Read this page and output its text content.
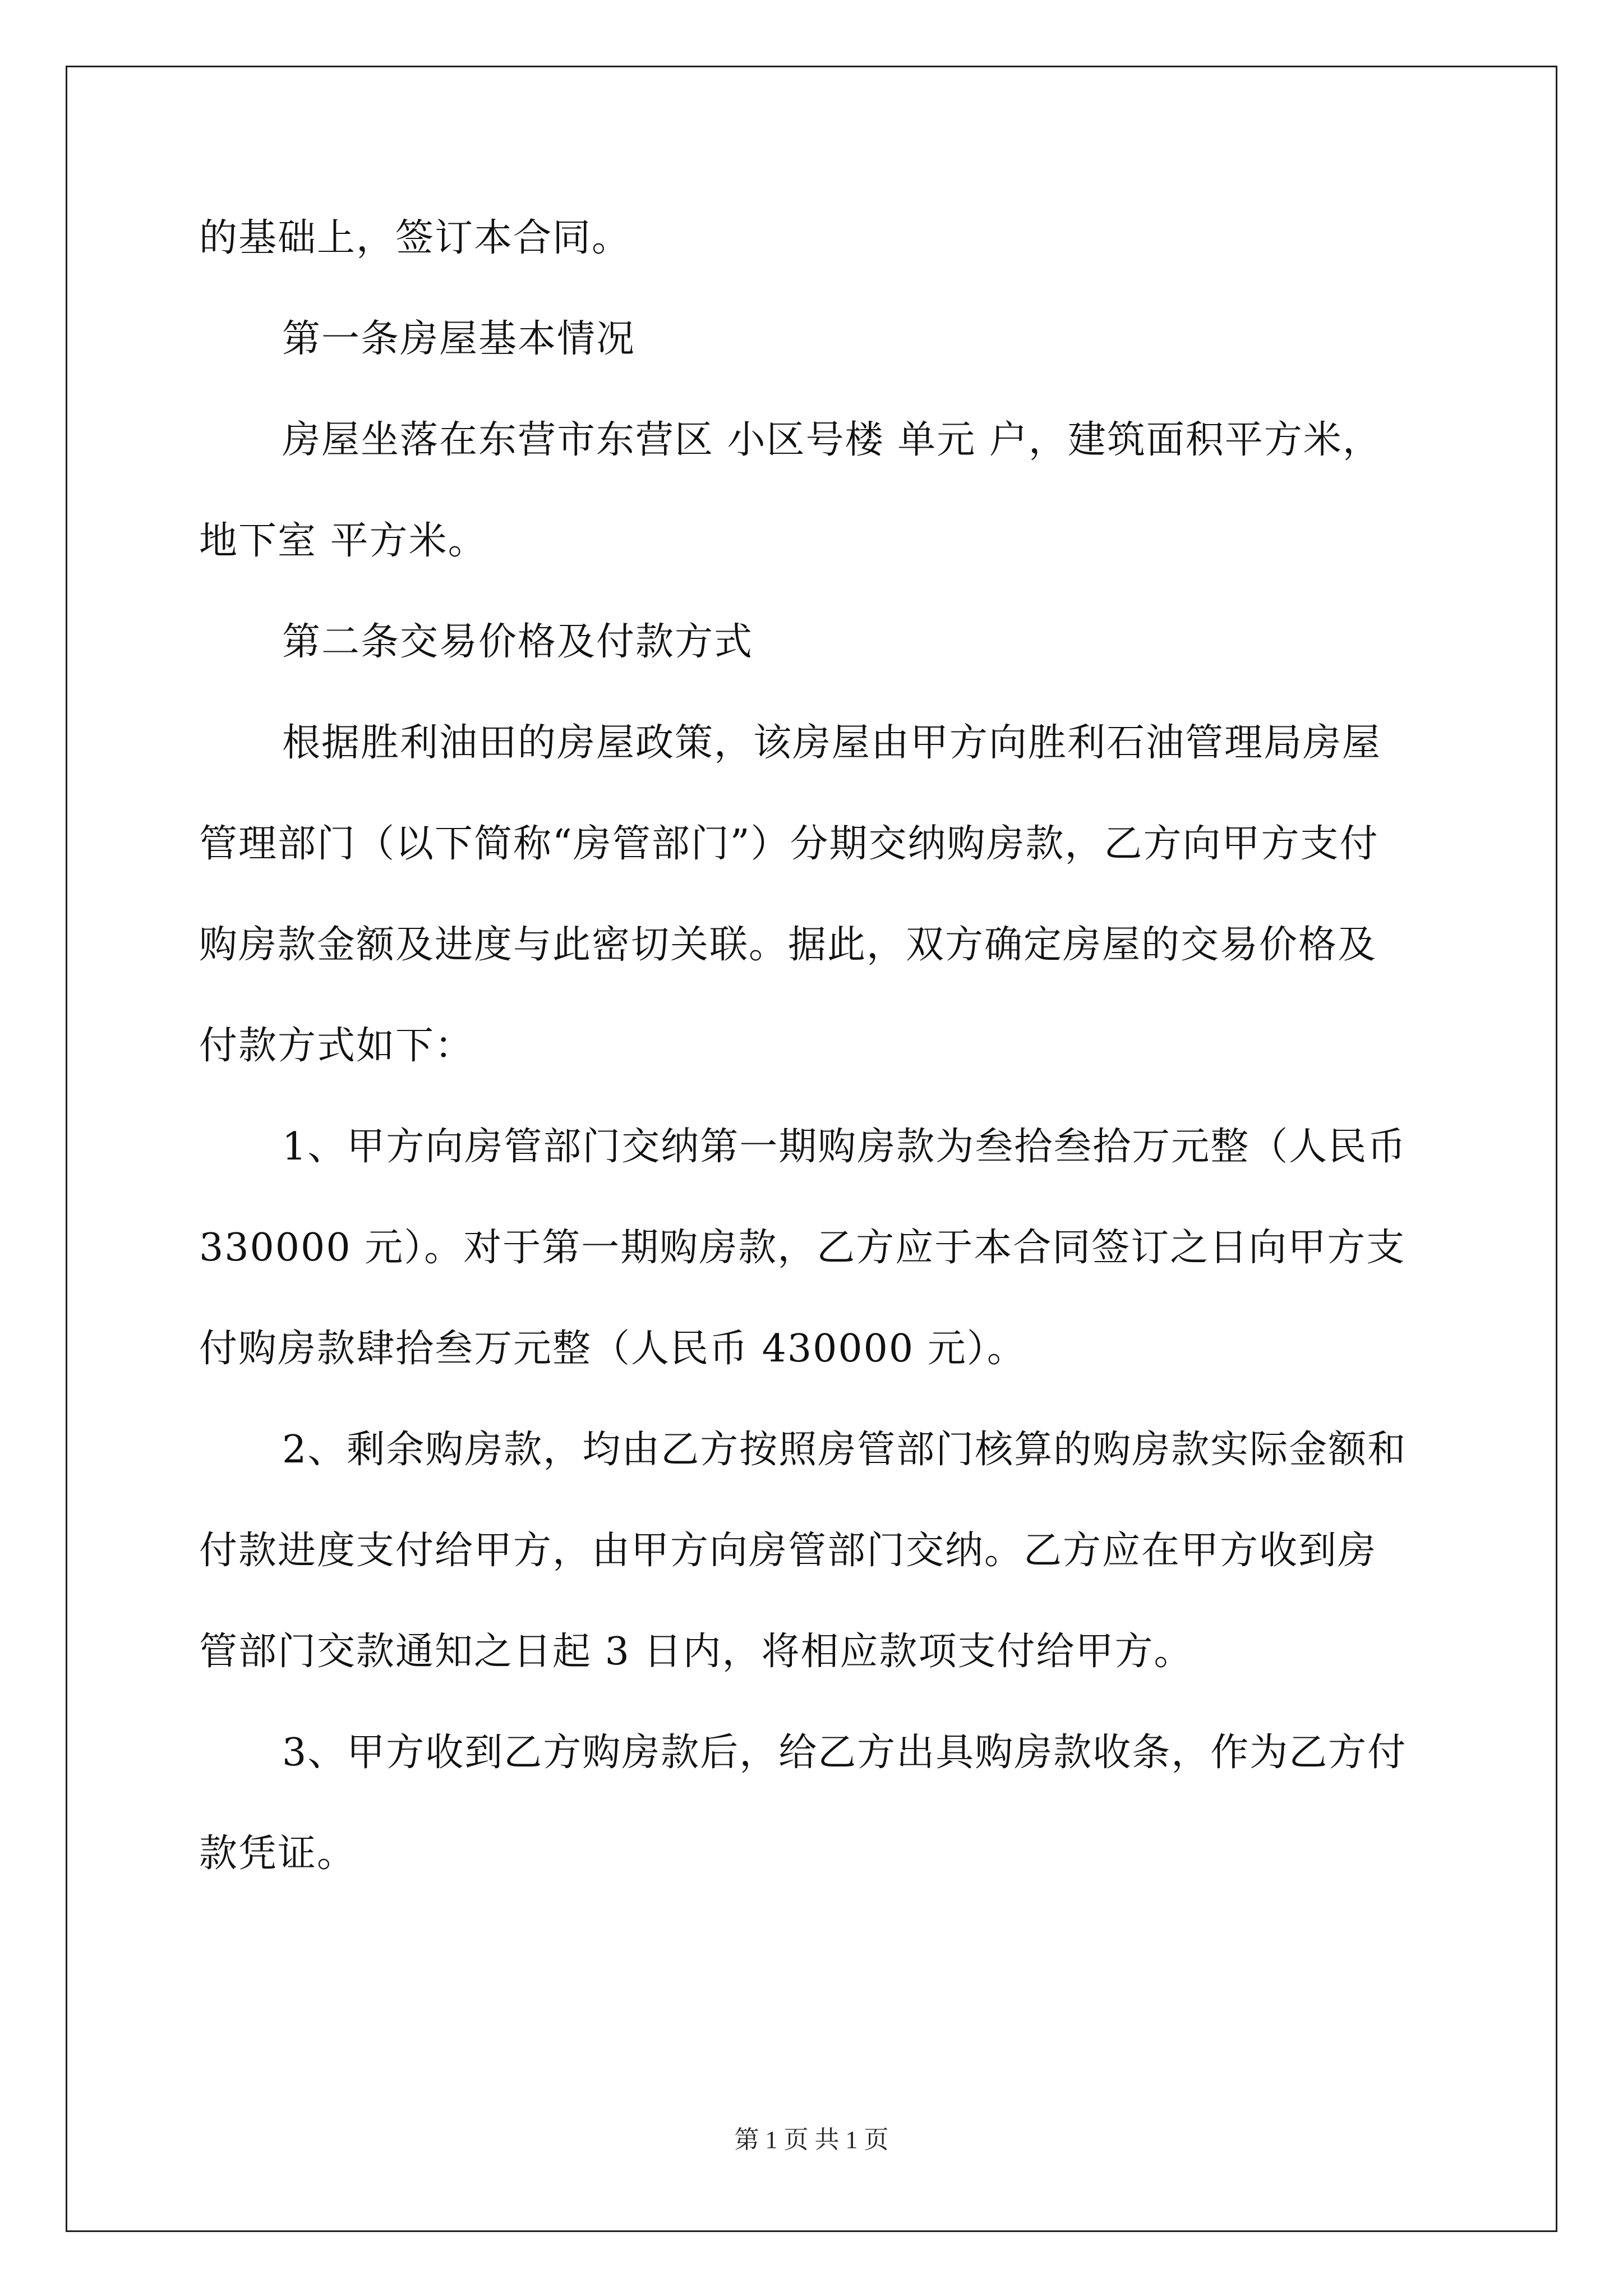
的基础上，签订本合同。
第一条房屋基本情况
房屋坐落在东营市东营区 小区号楼 单元 户，建筑面积平方米，
地下室 平方米。
第二条交易价格及付款方式
根据胜利油田的房屋政策，该房屋由甲方向胜利石油管理局房屋
管理部门（以下简称“房管部门”）分期交纳购房款，乙方向甲方支付
购房款金额及进度与此密切关联。据此，双方确定房屋的交易价格及
付款方式如下：
1、甲方向房管部门交纳第一期购房款为叁拾叁拾万元整（人民币
330000 元）。对于第一期购房款，乙方应于本合同签订之日向甲方支
付购房款肆拾叁万元整（人民币 430000 元）。
2、剩余购房款，均由乙方按照房管部门核算的购房款实际金额和
付款进度支付给甲方，由甲方向房管部门交纳。乙方应在甲方收到房
管部门交款通知之日起 3 日内，将相应款项支付给甲方。
3、甲方收到乙方购房款后，给乙方出具购房款收条，作为乙方付
款凭证。
第 1 页 共 1 页
